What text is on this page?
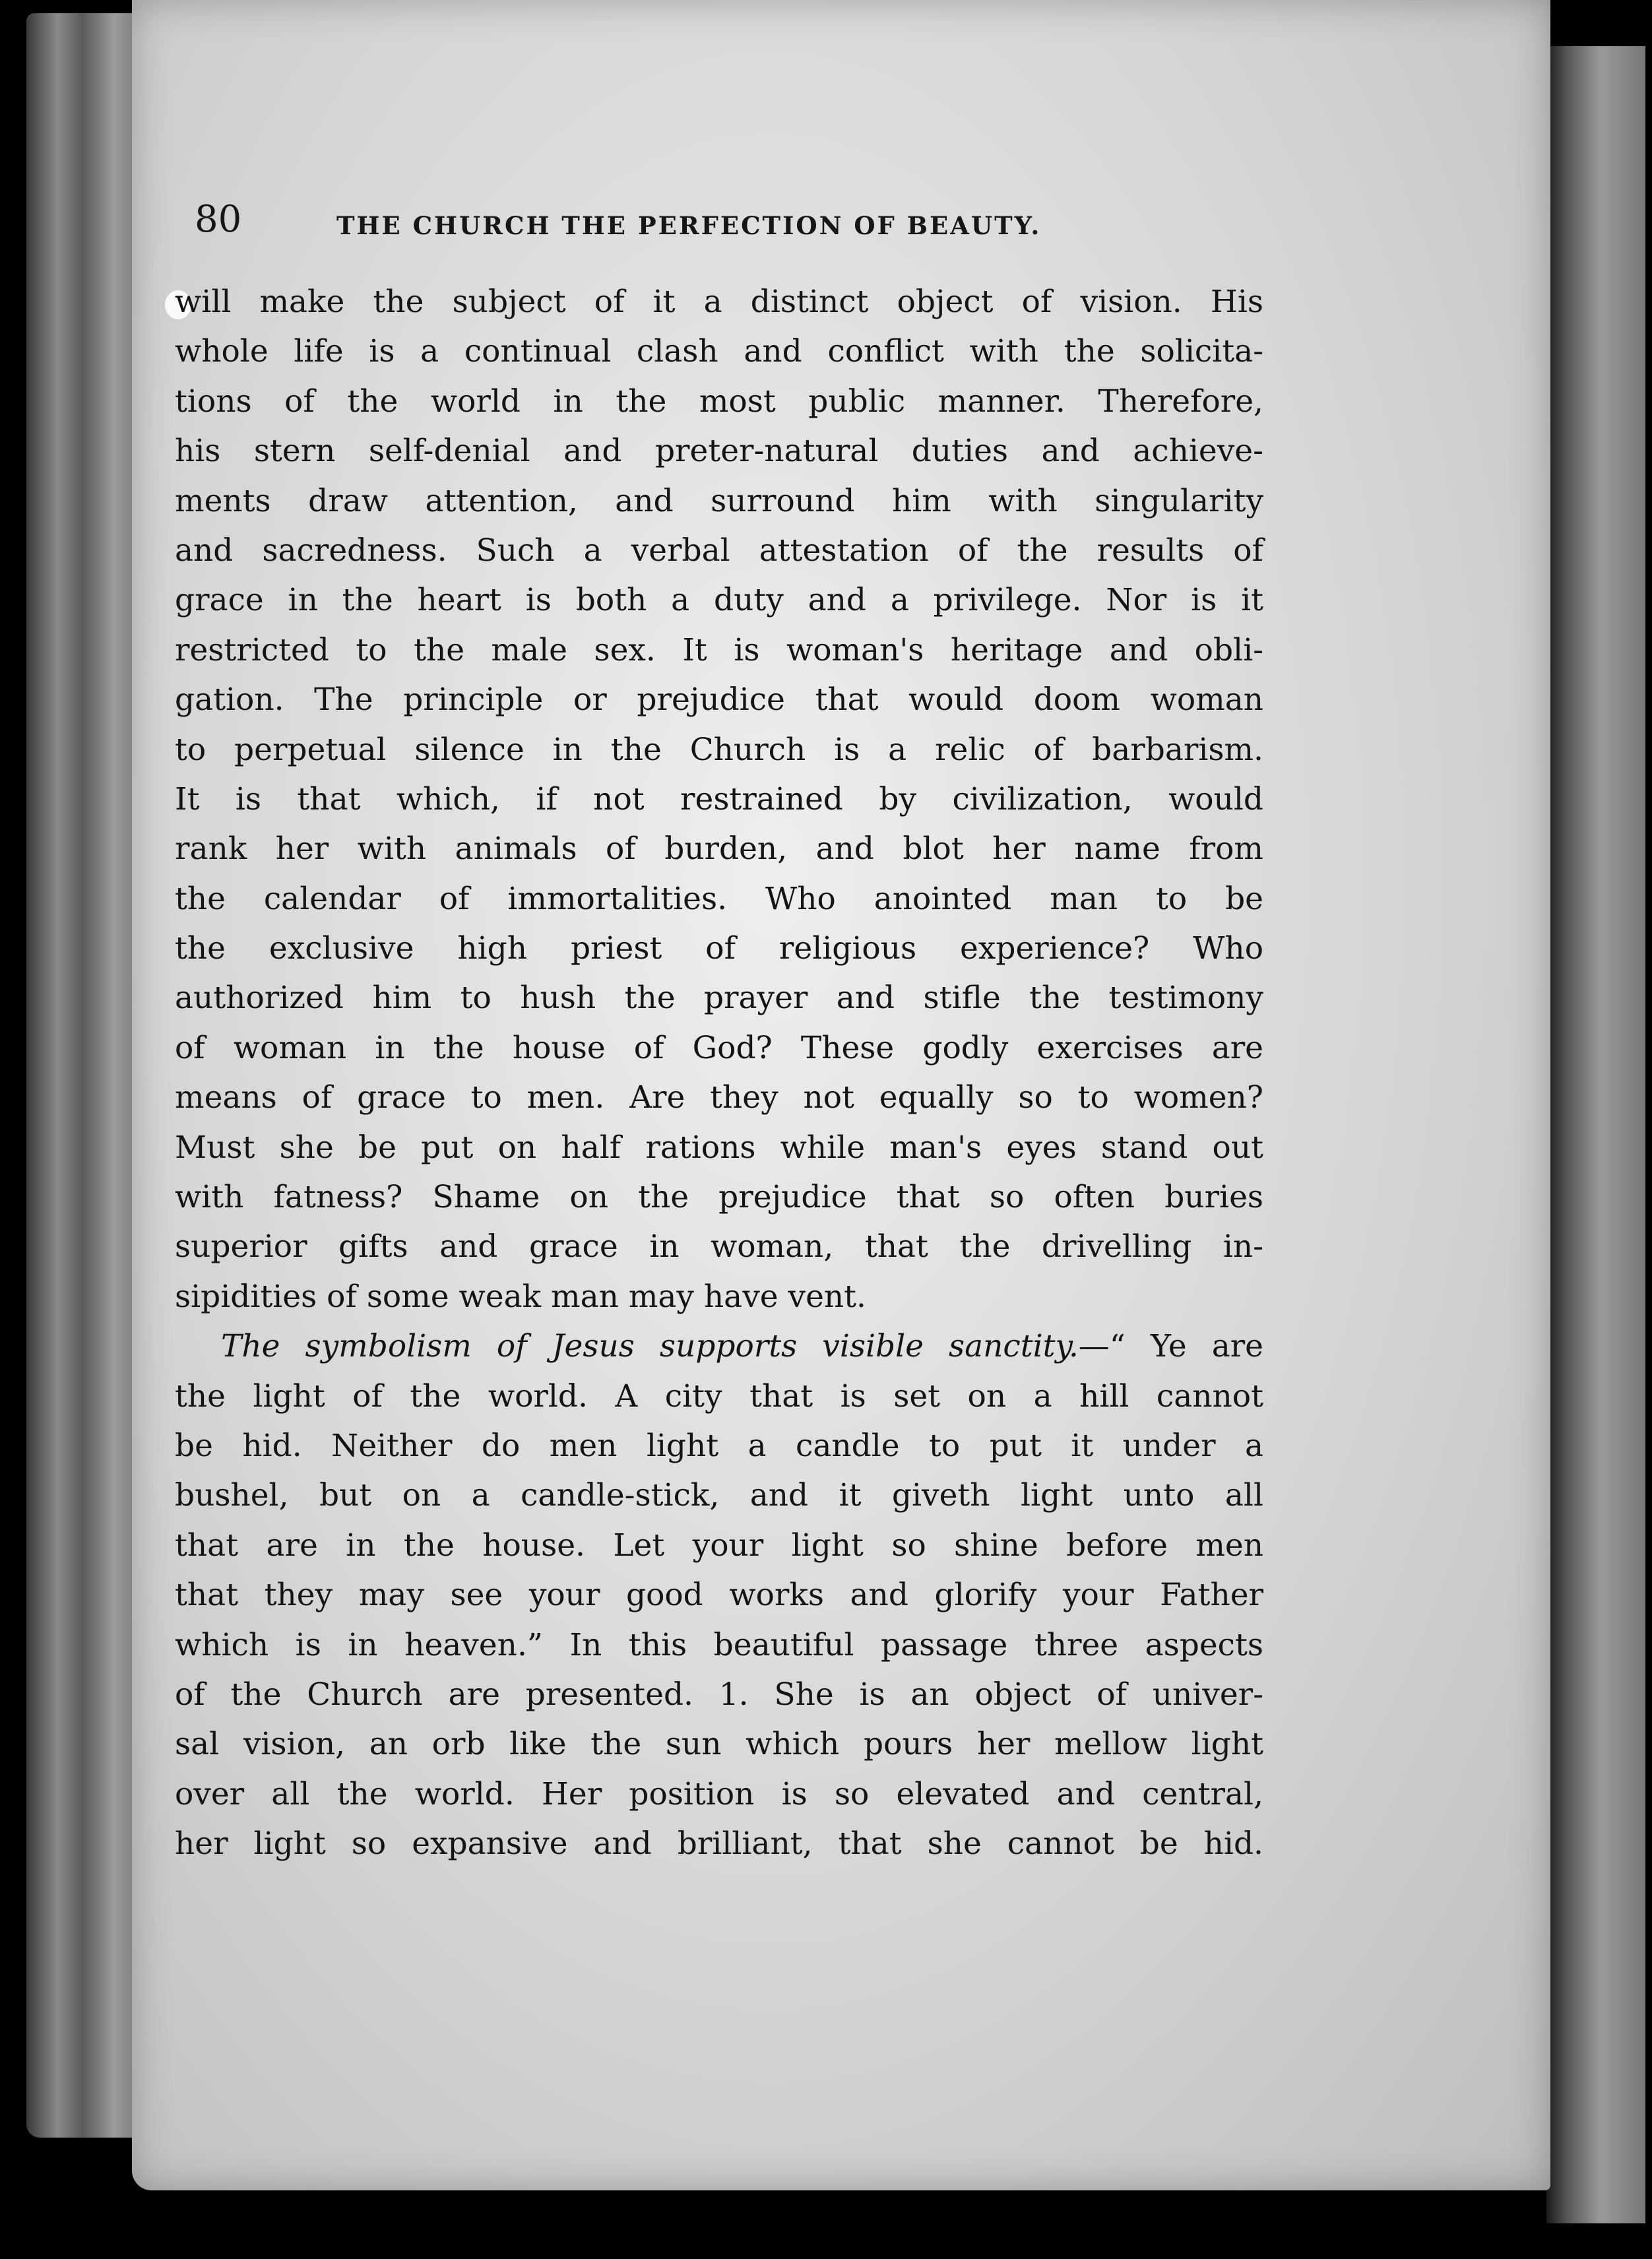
80	THE CHURCH THE PERFECTION OF BEAUTY.
will make the subject of it a distinct object of vision. His
whole life is a continual clash and conflict with the solicita-
tions of the world in the most public manner. Therefore,
his stern self-denial and preter-natural duties and achieve-
ments draw attention, and surround him with singularity
and sacredness. Such a verbal attestation of the results of
grace in the heart is both a duty and a privilege. Nor is it
restricted to the male sex. It is woman's heritage and obli-
gation. The principle or prejudice that would doom woman
to perpetual silence in the Church is a relic of barbarism.
It is that which, if not restrained by civilization, would
rank her with animals of burden, and blot her name from
the calendar of immortalities. Who anointed man to be
the exclusive high priest of religious experience? Who
authorized him to hush the prayer and stifle the testimony
of woman in the house of God? These godly exercises are
means of grace to men. Are they not equally so to women?
Must she be put on half rations while man's eyes stand out
with fatness? Shame on the prejudice that so often buries
superior gifts and grace in woman, that the drivelling in-
sipidities of some weak man may have vent.
The symbolism of Jesus supports visible sanctity.—“ Ye are
the light of the world. A city that is set on a hill cannot
be hid. Neither do men light a candle to put it under a
bushel, but on a candle-stick, and it giveth light unto all
that are in the house. Let your light so shine before men
that they may see your good works and glorify your Father
which is in heaven.” In this beautiful passage three aspects
of the Church are presented. 1. She is an object of univer-
sal vision, an orb like the sun which pours her mellow light
over all the world. Her position is so elevated and central,
her light so expansive and brilliant, that she cannot be hid.
